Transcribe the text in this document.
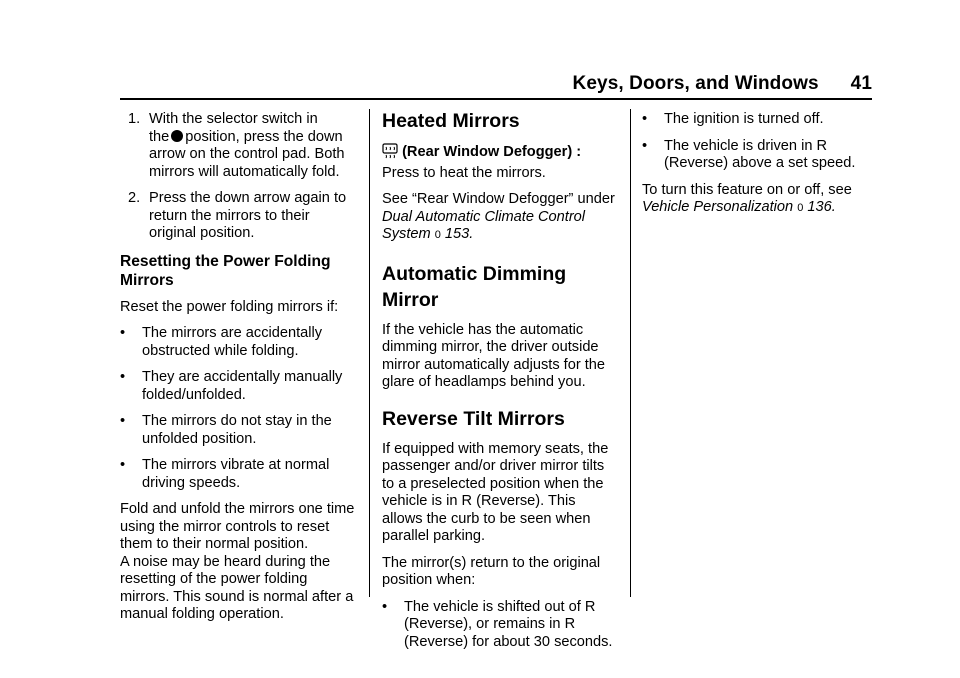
Keys, Doors, and Windows 41
1. With the selector switch in
the position, press the down arrow on the control pad. Both mirrors will automatically fold.
2. Press the down arrow again to return the mirrors to their original position.
Resetting the Power Folding Mirrors

Reset the power folding mirrors if:

•	The mirrors are accidentally obstructed while folding.
•	They are accidentally manually folded/unfolded.
•	The mirrors do not stay in the unfolded position.
•	The mirrors vibrate at normal driving speeds.

Fold and unfold the mirrors one time using the mirror controls to reset them to their normal position.

A noise may be heard during the resetting of the power folding mirrors. This sound is normal after a manual folding operation.

Heated Mirrors

(Rear Window Defogger) :
Press to heat the mirrors.

See “Rear Window Defogger” under
Dual Automatic Climate Control System 0 153.

Automatic Dimming Mirror

If the vehicle has the automatic dimming mirror, the driver outside mirror automatically adjusts for the glare of headlamps behind you.

Reverse Tilt Mirrors

If equipped with memory seats, the passenger and/or driver mirror tilts to a preselected position when the vehicle is in R (Reverse). This allows the curb to be seen when parallel parking.

The mirror(s) return to the original position when:

•	The vehicle is shifted out of R (Reverse), or remains in R (Reverse) for about 30 seconds.
•	The ignition is turned off.
•	The vehicle is driven in R (Reverse) above a set speed.

To turn this feature on or off, see
Vehicle Personalization 0 136.
